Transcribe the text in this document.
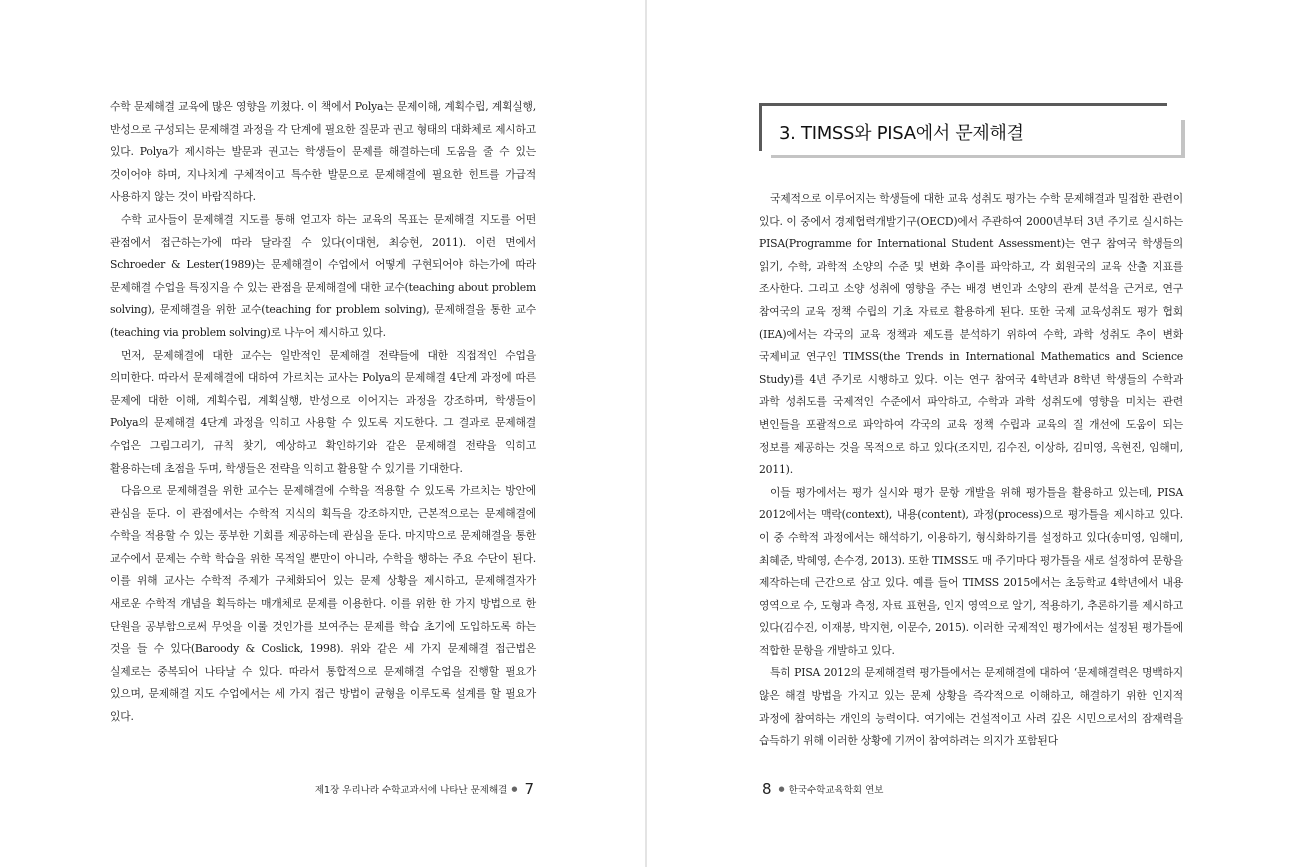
수학 문제해결 교육에 많은 영향을 끼쳤다. 이 책에서 Polya는 문제이해, 계획수립, 계획실행, 반성으로 구성되는 문제해결 과정을 각 단계에 필요한 질문과 권고 형태의 대화체로 제시하고 있다. Polya가 제시하는 발문과 권고는 학생들이 문제를 해결하는데 도움을 줄 수 있는 것이어야 하며, 지나치게 구체적이고 특수한 발문으로 문제해결에 필요한 힌트를 가급적 사용하지 않는 것이 바람직하다.

수학 교사들이 문제해결 지도를 통해 얻고자 하는 교육의 목표는 문제해결 지도를 어떤 관점에서 접근하는가에 따라 달라질 수 있다(이대현, 최승현, 2011). 이런 면에서 Schroeder & Lester(1989)는 문제해결이 수업에서 어떻게 구현되어야 하는가에 따라 문제해결 수업을 특징지을 수 있는 관점을 문제해결에 대한 교수(teaching about problem solving), 문제해결을 위한 교수(teaching for problem solving), 문제해결을 통한 교수(teaching via problem solving)로 나누어 제시하고 있다.

먼저, 문제해결에 대한 교수는 일반적인 문제해결 전략들에 대한 직접적인 수업을 의미한다. 따라서 문제해결에 대하여 가르치는 교사는 Polya의 문제해결 4단계 과정에 따른 문제에 대한 이해, 계획수립, 계획실행, 반성으로 이어지는 과정을 강조하며, 학생들이 Polya의 문제해결 4단계 과정을 익히고 사용할 수 있도록 지도한다. 그 결과로 문제해결 수업은 그림그리기, 규칙 찾기, 예상하고 확인하기와 같은 문제해결 전략을 익히고 활용하는데 초점을 두며, 학생들은 전략을 익히고 활용할 수 있기를 기대한다.

다음으로 문제해결을 위한 교수는 문제해결에 수학을 적용할 수 있도록 가르치는 방안에 관심을 둔다. 이 관점에서는 수학적 지식의 획득을 강조하지만, 근본적으로는 문제해결에 수학을 적용할 수 있는 풍부한 기회를 제공하는데 관심을 둔다. 마지막으로 문제해결을 통한 교수에서 문제는 수학 학습을 위한 목적일 뿐만이 아니라, 수학을 행하는 주요 수단이 된다. 이를 위해 교사는 수학적 주제가 구체화되어 있는 문제 상황을 제시하고, 문제해결자가 새로운 수학적 개념을 획득하는 매개체로 문제를 이용한다. 이를 위한 한 가지 방법으로 한 단원을 공부함으로써 무엇을 이룰 것인가를 보여주는 문제를 학습 초기에 도입하도록 하는 것을 들 수 있다(Baroody & Coslick, 1998). 위와 같은 세 가지 문제해결 접근법은 실제로는 중복되어 나타날 수 있다. 따라서 통합적으로 문제해결 수업을 진행할 필요가 있으며, 문제해결 지도 수업에서는 세 가지 접근 방법이 균형을 이루도록 설계를 할 필요가 있다.

제1장 우리나라 수학교과서에 나타난 문제해결 ● 7
3. TIMSS와 PISA에서 문제해결

국제적으로 이루어지는 학생들에 대한 교육 성취도 평가는 수학 문제해결과 밀접한 관련이 있다. 이 중에서 경제협력개발기구(OECD)에서 주관하여 2000년부터 3년 주기로 실시하는 PISA(Programme for International Student Assessment)는 연구 참여국 학생들의 읽기, 수학, 과학적 소양의 수준 및 변화 추이를 파악하고, 각 회원국의 교육 산출 지표를 조사한다. 그리고 소양 성취에 영향을 주는 배경 변인과 소양의 관계 분석을 근거로, 연구 참여국의 교육 정책 수립의 기초 자료로 활용하게 된다. 또한 국제 교육성취도 평가 협회(IEA)에서는 각국의 교육 정책과 제도를 분석하기 위하여 수학, 과학 성취도 추이 변화 국제비교 연구인 TIMSS(the Trends in International Mathematics and Science Study)를 4년 주기로 시행하고 있다. 이는 연구 참여국 4학년과 8학년 학생들의 수학과 과학 성취도를 국제적인 수준에서 파악하고, 수학과 과학 성취도에 영향을 미치는 관련 변인들을 포괄적으로 파악하여 각국의 교육 정책 수립과 교육의 질 개선에 도움이 되는 정보를 제공하는 것을 목적으로 하고 있다(조지민, 김수진, 이상하, 김미영, 옥현진, 임해미, 2011).

이들 평가에서는 평가 실시와 평가 문항 개발을 위해 평가틀을 활용하고 있는데, PISA 2012에서는 맥락(context), 내용(content), 과정(process)으로 평가틀을 제시하고 있다. 이 중 수학적 과정에서는 해석하기, 이용하기, 형식화하기를 설정하고 있다(송미영, 임해미, 최혜준, 박혜영, 손수경, 2013). 또한 TIMSS도 매 주기마다 평가틀을 새로 설정하여 문항을 제작하는데 근간으로 삼고 있다. 예를 들어 TIMSS 2015에서는 초등학교 4학년에서 내용 영역으로 수, 도형과 측정, 자료 표현을, 인지 영역으로 알기, 적용하기, 추론하기를 제시하고 있다(김수진, 이재봉, 박지현, 이문수, 2015). 이러한 국제적인 평가에서는 설정된 평가틀에 적합한 문항을 개발하고 있다.

특히 PISA 2012의 문제해결력 평가틀에서는 문제해결에 대하여 ‘문제해결력은 명백하지 않은 해결 방법을 가지고 있는 문제 상황을 즉각적으로 이해하고, 해결하기 위한 인지적 과정에 참여하는 개인의 능력이다. 여기에는 건설적이고 사려 깊은 시민으로서의 잠재력을 습득하기 위해 이러한 상황에 기꺼이 참여하려는 의지가 포함된다

8 ● 한국수학교육학회 연보
